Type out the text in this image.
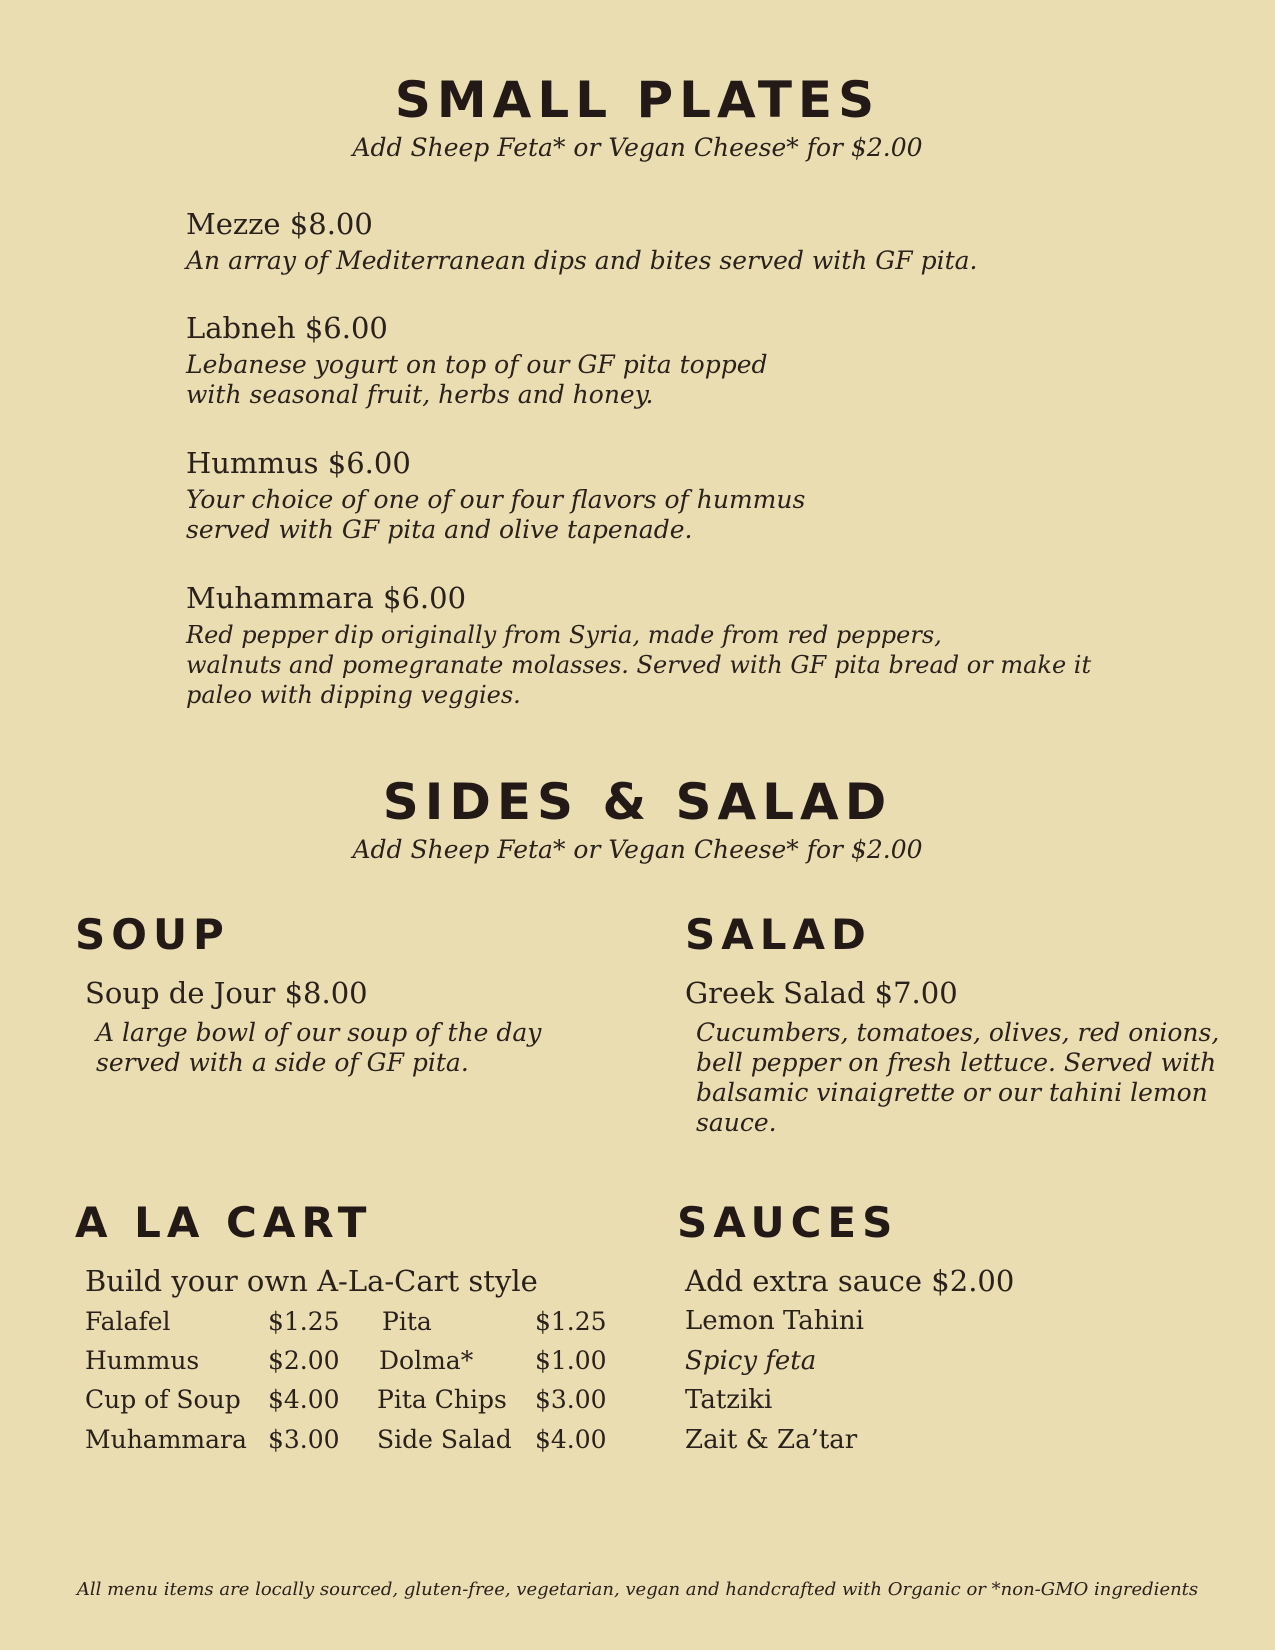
SMALL PLATES
Add Sheep Feta* or Vegan Cheese* for $2.00
Mezze $8.00
An array of Mediterranean dips and bites served with GF pita.
Labneh $6.00
Lebanese yogurt on top of our GF pita topped
with seasonal fruit, herbs and honey.
Hummus $6.00
Your choice of one of our four flavors of hummus
served with GF pita and olive tapenade.
Muhammara $6.00
Red pepper dip originally from Syria, made from red peppers,
walnuts and pomegranate molasses. Served with GF pita bread or make it
paleo with dipping veggies.
SIDES & SALAD
Add Sheep Feta* or Vegan Cheese* for $2.00
SOUP
Soup de Jour $8.00
A large bowl of our soup of the day
served with a side of GF pita.
SALAD
Greek Salad $7.00
Cucumbers, tomatoes, olives, red onions,
bell pepper on fresh lettuce. Served with
balsamic vinaigrette or our tahini lemon
sauce.
A LA CART
Build your own A-La-Cart style
Falafel	$1.25 Pita	$1.25
Hummus	$2.00 Dolma* $1.00
Cup of Soup $4.00 Pita Chips $3.00
Muhammara $3.00 Side Salad $4.00
SAUCES
Add extra sauce $2.00
Lemon Tahini
Spicy feta
Tatziki
Zait & Za’tar
All menu items are locally sourced, gluten-free, vegetarian, vegan and handcrafted with Organic or *non-GMO ingredients
